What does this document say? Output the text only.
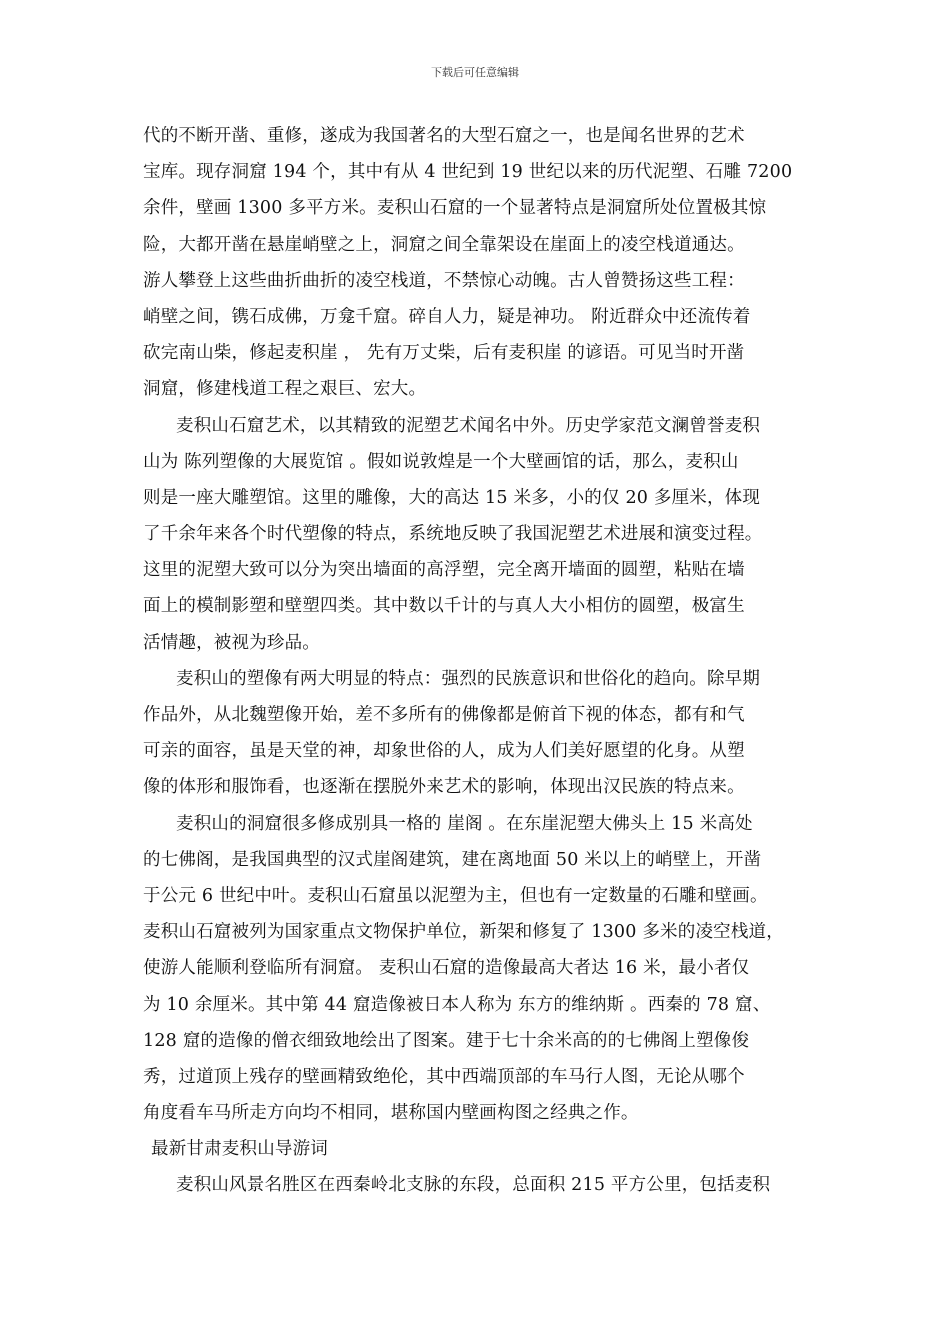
下载后可任意编辑
代的不断开凿、重修，遂成为我国著名的大型石窟之一，也是闻名世界的艺术
宝库。现存洞窟 194 个，其中有从 4 世纪到 19 世纪以来的历代泥塑、石雕 7200
余件，壁画 1300 多平方米。麦积山石窟的一个显著特点是洞窟所处位置极其惊
险，大都开凿在悬崖峭壁之上，洞窟之间全靠架设在崖面上的凌空栈道通达。
游人攀登上这些曲折曲折的凌空栈道，不禁惊心动魄。古人曾赞扬这些工程：
峭壁之间，镌石成佛，万龛千窟。碎自人力，疑是神功。 附近群众中还流传着
砍完南山柴，修起麦积崖 ， 先有万丈柴，后有麦积崖 的谚语。可见当时开凿
洞窟，修建栈道工程之艰巨、宏大。
麦积山石窟艺术，以其精致的泥塑艺术闻名中外。历史学家范文澜曾誉麦积
山为 陈列塑像的大展览馆 。假如说敦煌是一个大壁画馆的话，那么，麦积山
则是一座大雕塑馆。这里的雕像，大的高达 15 米多，小的仅 20 多厘米，体现
了千余年来各个时代塑像的特点，系统地反映了我国泥塑艺术进展和演变过程。
这里的泥塑大致可以分为突出墙面的高浮塑，完全离开墙面的圆塑，粘贴在墙
面上的模制影塑和壁塑四类。其中数以千计的与真人大小相仿的圆塑，极富生
活情趣，被视为珍品。
麦积山的塑像有两大明显的特点：强烈的民族意识和世俗化的趋向。除早期
作品外，从北魏塑像开始，差不多所有的佛像都是俯首下视的体态，都有和气
可亲的面容，虽是天堂的神，却象世俗的人，成为人们美好愿望的化身。从塑
像的体形和服饰看，也逐渐在摆脱外来艺术的影响，体现出汉民族的特点来。
麦积山的洞窟很多修成别具一格的 崖阁 。在东崖泥塑大佛头上 15 米高处
的七佛阁，是我国典型的汉式崖阁建筑，建在离地面 50 米以上的峭壁上，开凿
于公元 6 世纪中叶。麦积山石窟虽以泥塑为主，但也有一定数量的石雕和壁画。
麦积山石窟被列为国家重点文物保护单位，新架和修复了 1300 多米的凌空栈道，
使游人能顺利登临所有洞窟。 麦积山石窟的造像最高大者达 16 米，最小者仅
为 10 余厘米。其中第 44 窟造像被日本人称为 东方的维纳斯 。西秦的 78 窟、
128 窟的造像的僧衣细致地绘出了图案。建于七十余米高的的七佛阁上塑像俊
秀，过道顶上残存的壁画精致绝伦，其中西端顶部的车马行人图，无论从哪个
角度看车马所走方向均不相同，堪称国内壁画构图之经典之作。
最新甘肃麦积山导游词
麦积山风景名胜区在西秦岭北支脉的东段，总面积 215 平方公里，包括麦积
